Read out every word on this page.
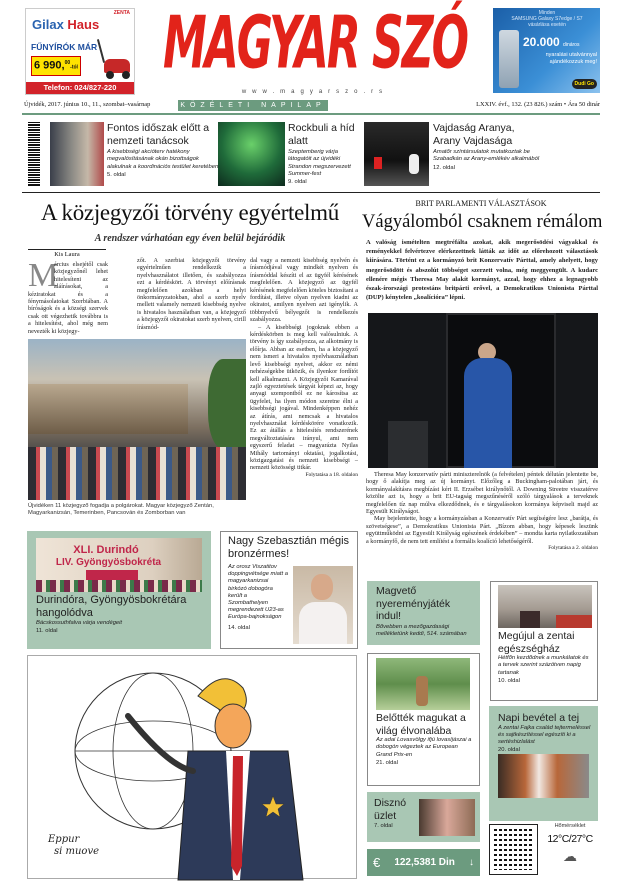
ZENTA
Gilax Haus
FŰNYÍRÓK MÁR
6 990,00-tól
Telefon: 024/827-220
MAGYAR SZÓ
www.magyarszo.rs
Minden
SAMSUNG Galaxy S7edge / S7
vásárlása esetén
20.000 dináros
nyaralási utalvánnyal
ajándékozzuk meg!
Dudi Go
Újvidék, 2017. június 10., 11., szombat–vasárnap	KÖZÉLETI NAPILAP	LXXIV. évf., 132. (23 826.) szám • Ára 50 dinár
Fontos időszak előtt a nemzeti tanácsok
A kisebbségi akcióterv hatékony megvalósításának okán bizottságok alakulnak a koordinációs testület keretében
5. oldal
Rockbuli a híd alatt
Szeptemberig várja látogatóit az újvidéki Strandon megszervezett Summer-fest
9. oldal
Vajdaság Aranya, Arany Vajdasága
Amatőr színtársulatok mutatkoztak be Szabadkán az Arany-emlékév alkalmából
12. oldal
A közjegyzői törvény egyértelmű
A rendszer várhatóan egy éven belül bejáródik
Kis Laura
M
árcius elsejétől csak közjegyzőnél lehet hitelesíteni az aláírásokat, a kéziratokat és a fénymásolatokat Szerbiában. A bíróságok és a községi szervek csak ott végezhetik továbbra is a hitelesítést, ahol még nem nevezték ki közjegy-
zőt. A szerbiai közjegyzői törvény egyértelműen rendelkezik a nyelvhasználatot illetően, és szabályozza ezt a kérdéskört. A törvényt előírásnak megfelelően azokban a helyi önkormányzatokban, ahol a szerb nyelv mellett valamely nemzeti kisebbség nyelve is hivatalos használatban van, a közjegyző a közjegyzői okiratokat szerb nyelven, cirill írásmód-
dal vagy a nemzeti kisebbség nyelvén és írásmódjával vagy mindkét nyelven és írásmóddal készíti el az ügyfél kérésének megfelelően. A közjegyző az ügyfél kérésének megfelelően köteles biztosítani a fordítást, illetve olyan nyelven kiadni az okiratot, amilyen nyelven azt igénylik. A többnyelvű bélyegzőt is rendelkezés szabályozza.
– A kisebbségi jogoknak ebben a kérdéskörben is meg kell valósulniuk. A törvény is így szabályozza, az alkotmány is előírja. Abban az esetben, ha a közjegyző nem ismeri a hivatalos nyelvhasználatban levő kisebbségi nyelvet, akkor ez némi nehézségekbe ütközik, és ilyenkor fordítót kell alkalmazni. A Közjegyzői Kamarával zajló egyeztetések tárgyát képezi az, hogy anyagi szempontból ez ne károsítsa az ügyfelet, ha ilyen módon szeretne élni a kisebbségi jogával. Mindenképpen nehéz az átírás, ami nemcsak a hivatalos nyelvhasználat kérdéskörére vonatkozik. Ez az átállás a hitelesítés rendszerének megváltoztatására irányul, ami nem egyszerű feladat – magyarázta Nyilas Mihály tartományi oktatási, jogalkotási, közigazgatási és nemzeti kisebbségi – nemzeti közösségi titkár.
Folytatása a 18. oldalon
Újvidéken 11 közjegyző fogadja a polgárokat. Magyar közjegyző Zentán, Magyarkanizsán, Temerinben, Pancsován és Zomborban van
BRIT PARLAMENTI VÁLASZTÁSOK
Vágyálomból csaknem rémálom
A valóság ismételten megtréfálta azokat, akik megerősödési vágyakkal és reményekkel felvértezve elérkezettnek látták az időt az előrehozott választások kiírására. Történt ez a kormányzó brit Konzervatív Párttal, amely ahelyett, hogy megerősödött és abszolút többséget szerzett volna, még meggyengült. A kudarc ellenére mégis Theresa May alakít kormányt, azzal, hogy ehhez a legnagyobb észak-írországi protestáns britpárti erővel, a Demokratikus Unionista Párttal (DUP) kénytelen „koalícióra” lépni.
Theresa May konzervatív párti miniszterelnök (a felvételen) péntek délután jelentette be, hogy ő alakítja meg az új kormányt. Előzőleg a Buckingham-palotában járt, és kormányalakításra megbízást kért II. Erzsébet királynőtől. A Downing Streetre visszatérve közölte azt is, hogy a brit EU-tagság megszűnéséről szóló tárgyalások a terveknek megfelelően tíz nap múlva elkezdődnek, és e tárgyalásokon kormánya képviseli majd az Egyesült Királyságot.
May bejelentette, hogy a kormányzásban a Konzervatív Párt segítségére lesz „barátja, és szövetségese”, a Demokratikus Unionista Párt. „Bízom abban, hogy képesek leszünk együttműködni az Egyesült Királyság egészének érdekében” – mondta karta nyilatkozatában a kormányfő, de nem tett említést a formális koalíció lehetőségéről.
Folytatása a 2. oldalon
XLI. Durindó
LIV. Gyöngyösbokréta
Durindóra, Gyöngyösbokrétára hangolódva
Bácskossuthfalva várja vendégeit
11. oldal
Nagy Szebasztián mégis bronzérmes!
Az orosz Viszatitov doppingvétsége miatt a magyarkanizsai birkózó dobogóra került a Szombathelyen megrendezett U23-as Európa-bajnokságon
14. oldal
Eppur
si muove
Magvető nyereményjáték indul!
Bővebben a mezőgazdasági mellékletünk keddi, 514. számában	Megújul a zentai egészségház
Hétfőn kezdődnek a munkálatok és a tervek szerint százötven napig tartanak
10. oldal
Belőtték magukat a világ élvonalába
Az adai Lovasvölgy ifjú lovasíjászai a dobogón végeztek az European Grand Prix-en
21. oldal
Napi bevétel a tej
A zentai Fajka család tejtermeléssel és sajtkészítéssel egészíti ki a sertéshizlalást
20. oldal
Disznó üzlet
7. oldal
€ 122,5381 Din ↓
Hőmérséklet
12°C/27°C
☁
